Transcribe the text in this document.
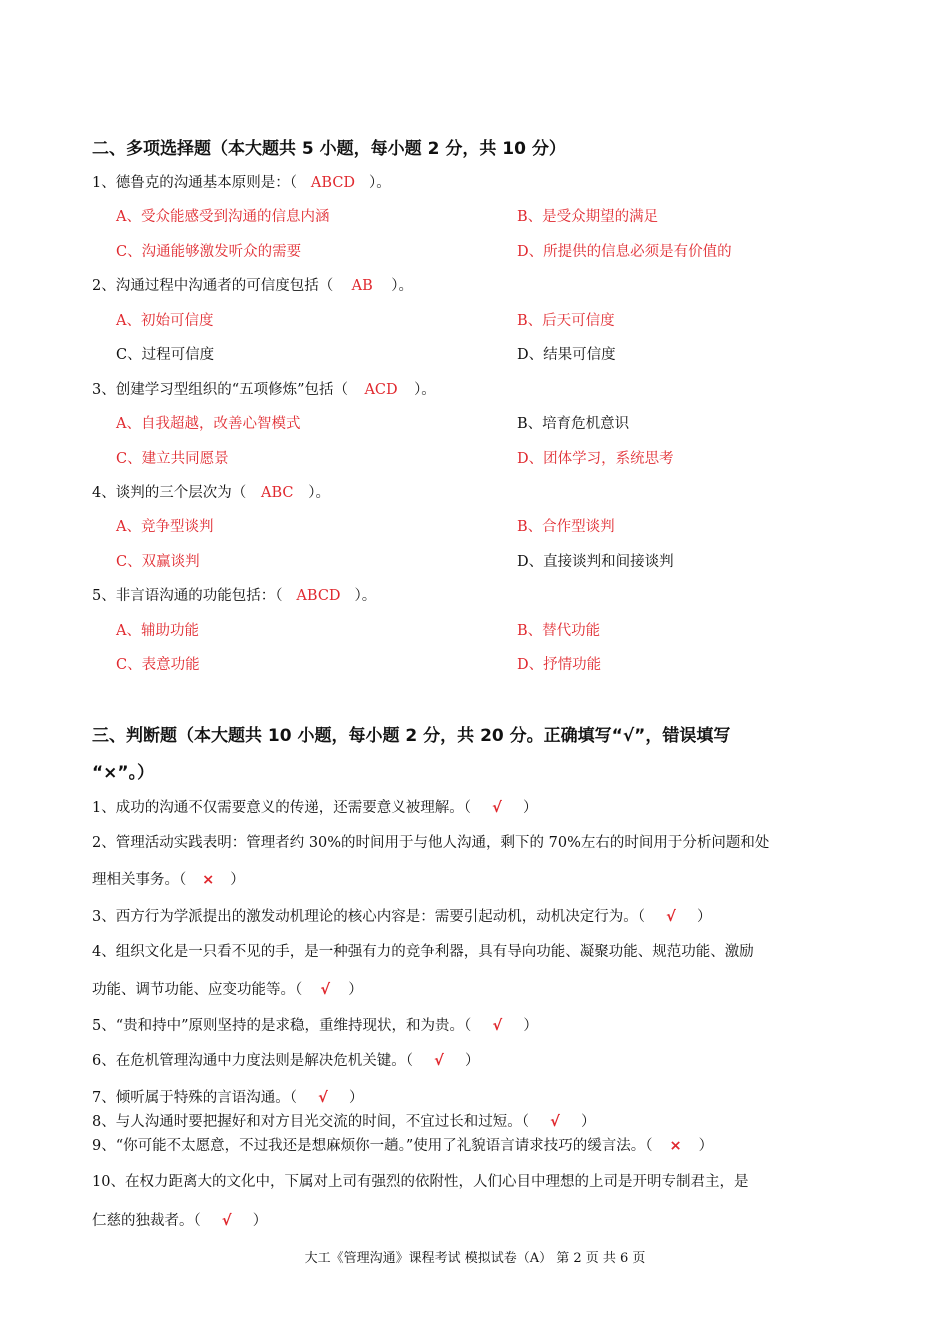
二、多项选择题（本大题共 5 小题，每小题 2 分，共 10 分）
1、德鲁克的沟通基本原则是：（ ABCD ）。
A、受众能感受到沟通的信息内涵	B、是受众期望的满足
C、沟通能够激发听众的需要	D、所提供的信息必须是有价值的
2、沟通过程中沟通者的可信度包括（ AB ）。
A、初始可信度	B、后天可信度
C、过程可信度	D、结果可信度
3、创建学习型组织的“五项修炼”包括（ ACD ）。
A、自我超越，改善心智模式	B、培育危机意识
C、建立共同愿景	D、团体学习，系统思考
4、谈判的三个层次为（ ABC ）。
A、竞争型谈判	B、合作型谈判
C、双赢谈判	D、直接谈判和间接谈判
5、非言语沟通的功能包括：（ ABCD ）。
A、辅助功能	B、替代功能
C、表意功能	D、抒情功能
三、判断题（本大题共 10 小题，每小题 2 分，共 20 分。正确填写“√”，错误填写
“×”。）
1、成功的沟通不仅需要意义的传递，还需要意义被理解。（ √ ）
2、管理活动实践表明：管理者约 30%的时间用于与他人沟通，剩下的 70%左右的时间用于分析问题和处
理相关事务。（ × ）
3、西方行为学派提出的激发动机理论的核心内容是：需要引起动机，动机决定行为。（ √ ）
4、组织文化是一只看不见的手，是一种强有力的竞争利器，具有导向功能、凝聚功能、规范功能、激励
功能、调节功能、应变功能等。（ √ ）
5、“贵和持中”原则坚持的是求稳，重维持现状，和为贵。（ √ ）
6、在危机管理沟通中力度法则是解决危机关键。（ √ ）
7、倾听属于特殊的言语沟通。（ √ ）
8、与人沟通时要把握好和对方目光交流的时间，不宜过长和过短。（ √ ）
9、“你可能不太愿意，不过我还是想麻烦你一趟。”使用了礼貌语言请求技巧的缓言法。（ × ）
10、在权力距离大的文化中，下属对上司有强烈的依附性，人们心目中理想的上司是开明专制君主，是
仁慈的独裁者。（ √ ）
大工《管理沟通》课程考试 模拟试卷（A） 第 2 页 共 6 页
